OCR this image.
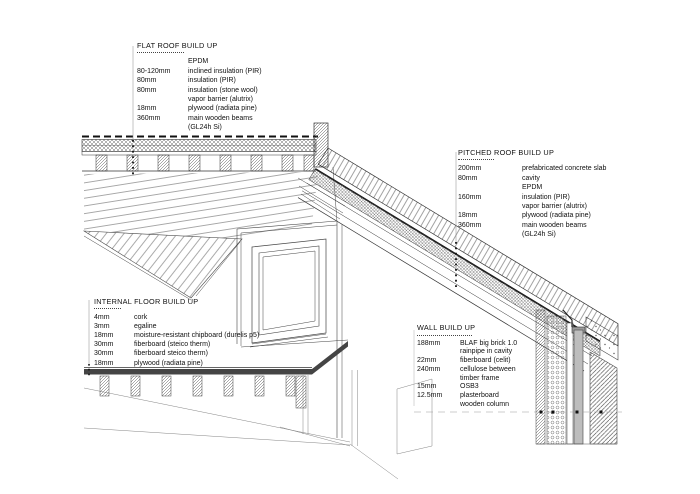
FLAT ROOF BUILD UP
EPDM
80-120mm	inclined insulation (PIR)
80mm	insulation (PIR)
80mm	insulation (stone wool)
vapor barrier (alutrix)
18mm	plywood (radiata pine)
360mm	main wooden beams
(GL24h Si)
PITCHED ROOF BUILD UP
200mm	prefabricated concrete slab
80mm	cavity
EPDM
160mm	insulation (PIR)
vapor barrier (alutrix)
18mm	plywood (radiata pine)
360mm	main wooden beams
(GL24h Si)
INTERNAL FLOOR BUILD UP
4mm	cork
3mm	egaline
18mm	moisture-resistant chipboard (durelis p5)
30mm	fiberboard (steico therm)
30mm	fiberboard steico therm)
18mm	plywood (radiata pine)
WALL BUILD UP
188mm	BLAF big brick 1.0
rainpipe in cavity
22mm	fiberboard (celit)
240mm	cellulose between
timber frame
15mm	OSB3
12.5mm	plasterboard
wooden column
